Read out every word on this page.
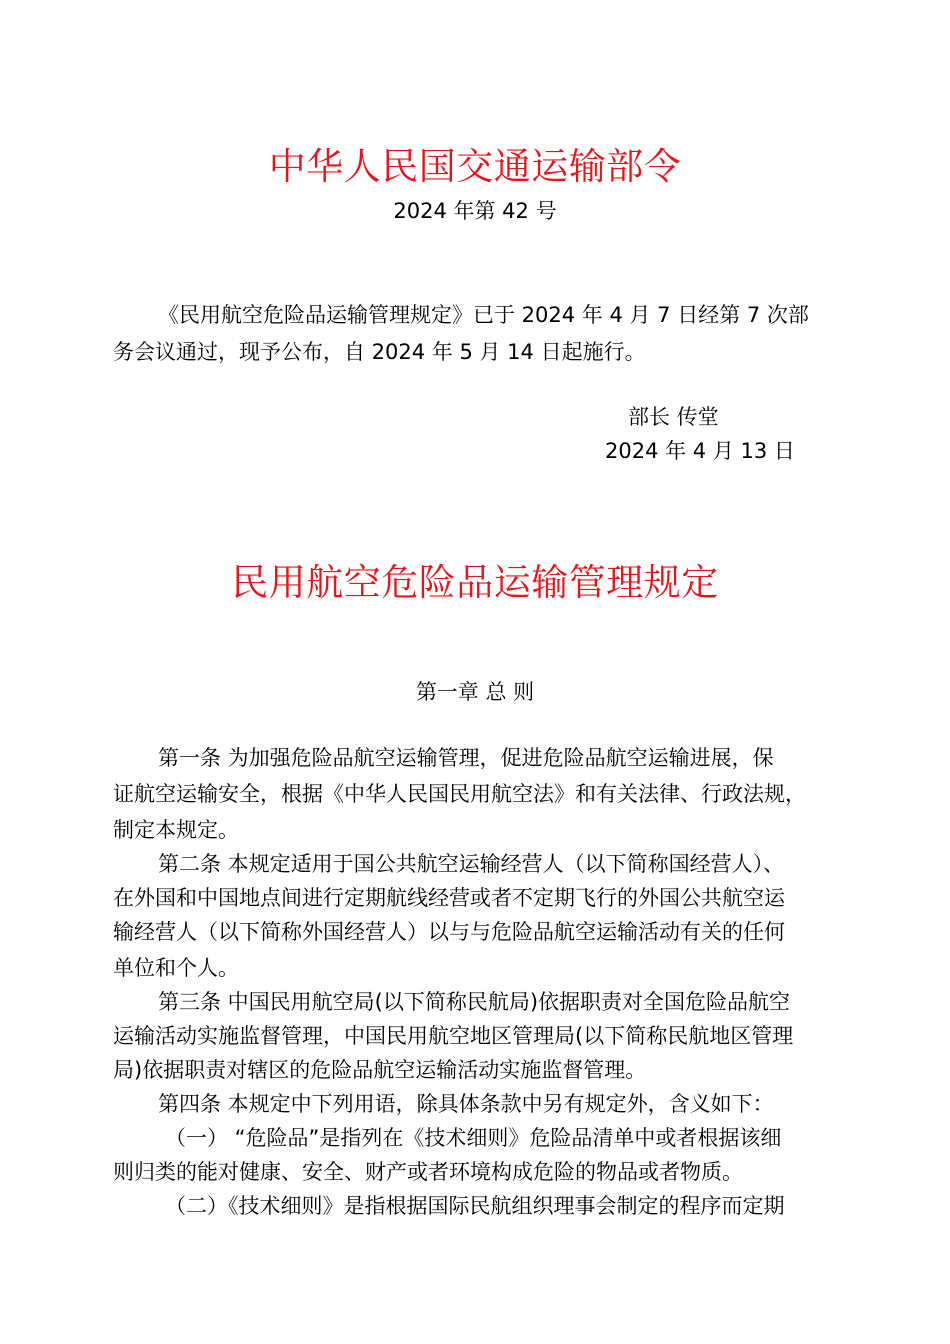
中华人民国交通运输部令
2024 年第 42 号
《民用航空危险品运输管理规定》已于 2024 年 4 月 7 日经第 7 次部
务会议通过，现予公布，自 2024 年 5 月 14 日起施行。
部长 传堂
2024 年 4 月 13 日
民用航空危险品运输管理规定
第一章 总 则
第一条 为加强危险品航空运输管理，促进危险品航空运输进展，保
证航空运输安全，根据《中华人民国民用航空法》和有关法律、行政法规，
制定本规定。
第二条 本规定适用于国公共航空运输经营人（以下简称国经营人）、
在外国和中国地点间进行定期航线经营或者不定期飞行的外国公共航空运
输经营人（以下简称外国经营人）以与与危险品航空运输活动有关的任何
单位和个人。
第三条 中国民用航空局(以下简称民航局)依据职责对全国危险品航空
运输活动实施监督管理，中国民用航空地区管理局(以下简称民航地区管理
局)依据职责对辖区的危险品航空运输活动实施监督管理。
第四条 本规定中下列用语，除具体条款中另有规定外，含义如下：
（一） “危险品”是指列在《技术细则》危险品清单中或者根据该细
则归类的能对健康、安全、财产或者环境构成危险的物品或者物质。
（二）《技术细则》是指根据国际民航组织理事会制定的程序而定期
